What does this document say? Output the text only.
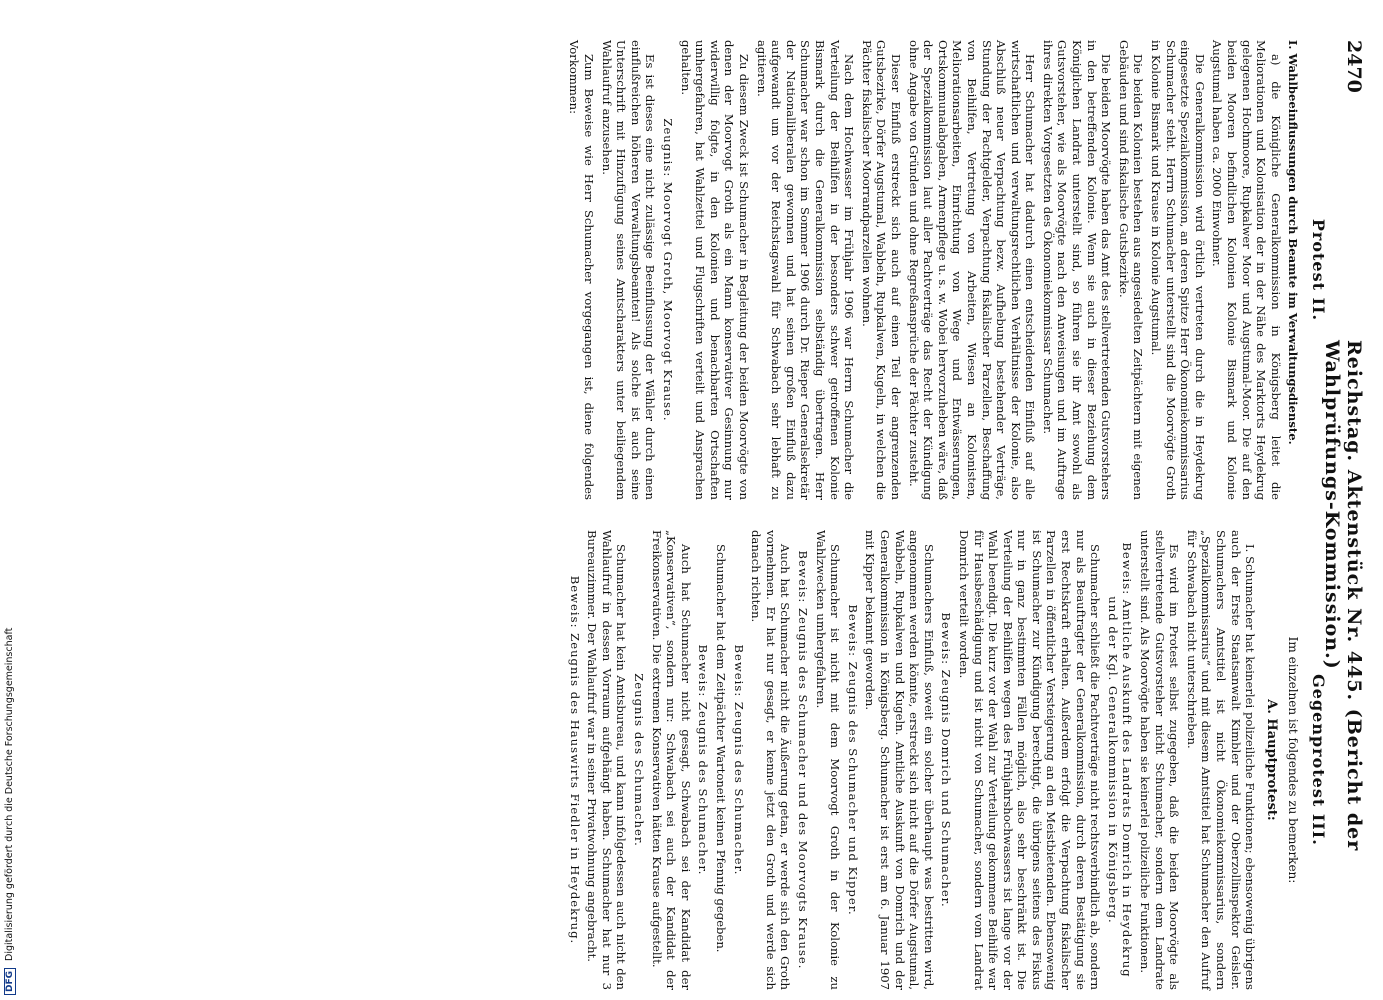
2470
Reichstag. Aktenstück Nr. 445. (Bericht der Wahlprüfungs-Kommission.)
Protest II.

I. Wahlbeeinflussungen durch Beamte im Verwaltungsdienste.

a) die Königliche Generalkommission in Königsberg leitet die Meliorationen und Kolonisation der in der Nähe des Marktorts Heydekrug gelegenen Hochmoore, Rupkalwer Moor und Augstumal-Moor. Die auf den beiden Mooren befindlichen Kolonien Kolonie Bismark und Kolonie Augstumal haben ca. 2000 Einwohner.

Die Generalkommission wird örtlich vertreten durch die in Heydekrug eingesetzte Spezialkommission, an deren Spitze Herr Ökonomiekommissarius Schumacher steht. Herrn Schumacher unterstellt sind die Moorvögte Groth in Kolonie Bismark und Krause in Kolonie Augstumal.

Die beiden Kolonien bestehen aus angesiedelten Zeitpächtern mit eigenen Gebäuden und sind fiskalische Gutsbezirke.

Die beiden Moorvögte haben das Amt des stellvertretenden Gutsvorstehers in den betreffenden Kolonie. Wenn sie auch in dieser Beziehung dem Königlichen Landrat unterstellt sind, so führen sie ihr Amt sowohl als Gutsvorsteher, wie als Moorvögte nach den Anweisungen und im Auftrage ihres direkten Vorgesetzten des Ökonomiekommissar Schumacher.

Herr Schumacher hat dadurch einen entscheidenden Einfluß auf alle wirtschaftlichen und verwaltungsrechtlichen Verhältnisse der Kolonie, also Abschluß neuer Verpachtung bezw. Aufhebung bestehender Verträge, Stundung der Pachtgelder, Verpachtung fiskalischer Parzellen, Beschaffung von Beihilfen, Vertretung von Arbeiten, Wiesen an Kolonisten, Meliorationsarbeiten, Einrichtung von Wege und Entwässerungen, Ortskommunalabgaben, Armenpflege u. s. w. Wobei hervorzuheben wäre, daß der Spezialkommission laut aller Pachtverträge das Recht der Kündigung ohne Angabe von Gründen und ohne Regreßansprüche der Pächter zusteht.

Dieser Einfluß erstreckt sich auch auf einen Teil der angrenzenden Gutsbezirke, Dörfer Augstumal, Wabbeln, Rupkalwen, Kugeln, in welchen die Pächter fiskalischer Moorrandparzellen wohnen.

Nach dem Hochwasser im Frühjahr 1906 war Herrn Schumacher die Verteilung der Beihilfen in der besonders schwer getroffenen Kolonie Bismark durch die Generalkommission selbständig übertragen. Herr Schumacher war schon im Sommer 1906 durch Dr. Rieper Generalsekretär der Nationalliberalen gewonnen und hat seinen großen Einfluß dazu aufgewandt um vor der Reichstagswahl für Schwabach sehr lebhaft zu agitieren.

Zu diesem Zweck ist Schumacher in Begleitung der beiden Moorvögte von denen der Moorvogt Groth als ein Mann konservativer Gesinnung nur widerwillig folgte, in den Kolonien und benachbarten Ortschaften umhergefahren, hat Wahlzettel und Flugschriften verteilt und Ansprachen gehalten.

Zeugnis: Moorvogt Groth, Moorvogt Krause.

Es ist dieses eine nicht zulässige Beeinflussung der Wähler durch einen einflußreichen höheren Verwaltungsbeamten! Als solche ist auch seine Unterschrift mit Hinzufügung seines Amtscharakters unter beiliegendem Wahlaufruf anzusehen.

Zum Beweise wie Herr Schumacher vorgegangen ist, diene folgendes Vorkommen:

Gegenprotest III.
Im einzelnen ist folgendes zu bemerken:
A. Hauptprotest:

I. Schumacher hat keinerlei polizeiliche Funktionen; ebensowenig übrigens auch der Erste Staatsanwalt Kimbler und der Oberzollinspektor Geisler. Schumachers Amtstitel ist nicht Ökonomiekommissarius, sondern „Spezialkommissarius“ und mit diesem Amtstitel hat Schumacher den Aufruf für Schwabach nicht unterschrieben.

Es wird im Protest selbst zugegeben, daß die beiden Moorvögte als stellvertretende Gutsvorsteher nicht Schumacher, sondern dem Landrate unterstellt sind. Als Moorvögte haben sie keinerlei polizeiliche Funktionen.

Beweis: Amtliche Auskunft des Landrats Domrich in Heydekrug und der Kgl. Generalkommission in Königsberg.

Schumacher schließt die Pachtverträge nicht rechtsverbindlich ab, sondern nur als Beauftragter der Generalkommission, durch deren Bestätigung sie erst Rechtskraft erhalten. Außerdem erfolgt die Verpachtung fiskalischer Parzellen in öffentlicher Versteigerung an den Meistbietenden. Ebensowenig ist Schumacher zur Kündigung berechtigt, die übrigens seitens des Fiskus nur in ganz bestimmten Fällen möglich, also sehr beschränkt ist. Die Verteilung der Beihilfen wegen des Frühjahrshochwassers ist lange vor der Wahl beendigt. Die kurz vor der Wahl zur Verteilung gekommene Beihilfe war für Hausbeschädigung und ist nicht von Schumacher, sondern vom Landrat Domrich verteilt worden.

Beweis: Zeugnis Domrich und Schumacher.

Schumachers Einfluß, soweit ein solcher überhaupt was bestritten wird, angenommen werden könnte, erstreckt sich nicht auf die Dörfer Augstumal, Wabbeln, Rupkalwen und Kugeln. Amtliche Auskunft von Domrich und der Generalkommission in Königsberg. Schumacher ist erst am 6. Januar 1907 mit Kipper bekannt geworden.

Beweis: Zeugnis des Schumacher und Kipper.

Schumacher ist nicht mit dem Moorvogt Groth in der Kolonie zu Wahlzwecken umhergefahren.

Beweis: Zeugnis des Schumacher und des Moorvogts Krause.

Auch hat Schumacher nicht die Äußerung getan, er werde sich den Groth vornehmen. Er hat nur gesagt, er kenne jetzt den Groth und werde sich danach richten.

Beweis: Zeugnis des Schumacher.

Schumacher hat dem Zeitpächter Wartoneit keinen Pfennig gegeben.

Beweis: Zeugnis des Schumacher.

Auch hat Schumacher nicht gesagt, Schwabach sei der Kandidat der „Konservativen“, sondern nur: Schwabach sei auch der Kandidat der Freikonservativen. Die extremen Konservativen hätten Krause aufgestellt.

Zeugnis des Schumacher.

Schumacher hat kein Amtsbureau, und kann infolgedessen auch nicht den Wahlaufruf in dessen Vorraum aufgehängt haben. Schumacher hat nur 3 Bureauzimmer. Der Wahlaufruf war in seiner Privatwohnung angebracht.

Beweis: Zeugnis des Hauswirts Fiedler in Heydekrug.

DFG Digitalisierung gefördert durch die Deutsche Forschungsgemeinschaft
